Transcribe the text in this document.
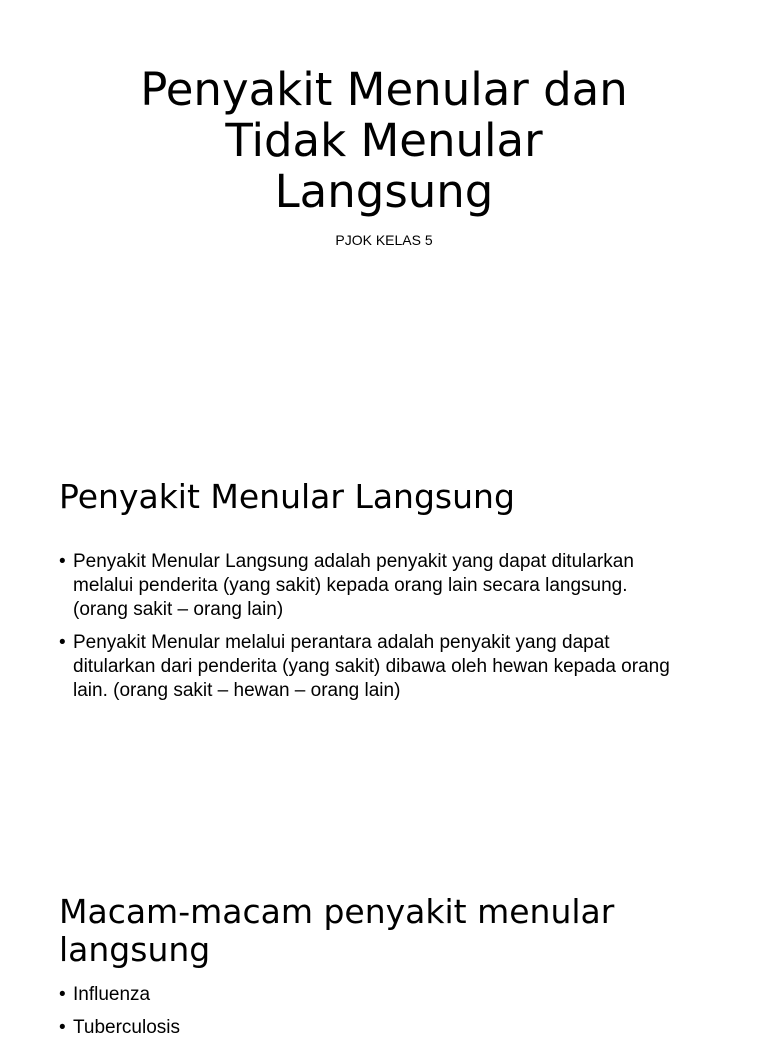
Penyakit Menular dan
Tidak Menular
Langsung

PJOK KELAS 5

Penyakit Menular Langsung
• Penyakit Menular Langsung adalah penyakit yang dapat ditularkan melalui penderita (yang sakit) kepada orang lain secara langsung. (orang sakit – orang lain)
• Penyakit Menular melalui perantara adalah penyakit yang dapat ditularkan dari penderita (yang sakit) dibawa oleh hewan kepada orang lain. (orang sakit – hewan – orang lain)
Macam-macam penyakit menular langsung
• Influenza
• Tuberculosis
